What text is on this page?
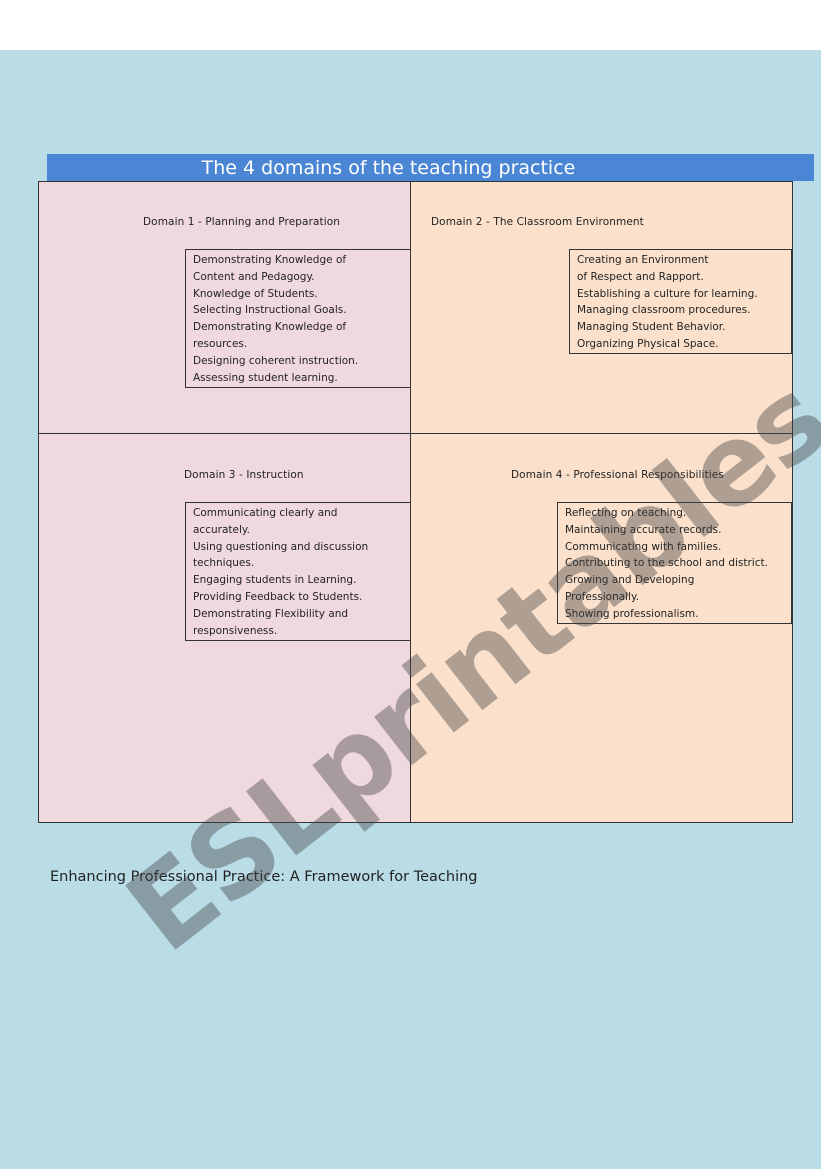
The 4 domains of the teaching practice
Domain 1 - Planning and Preparation
Demonstrating Knowledge of
Content and Pedagogy.
Knowledge of Students.
Selecting Instructional Goals.
Demonstrating Knowledge of
resources.
Designing coherent instruction.
Assessing student learning.
Domain 2 - The Classroom Environment
Creating an Environment
of Respect and Rapport.
Establishing a culture for learning.
Managing classroom procedures.
Managing Student Behavior.
Organizing Physical Space.
Domain 3 - Instruction
Communicating clearly and
accurately.
Using questioning and discussion
techniques.
Engaging students in Learning.
Providing Feedback to Students.
Demonstrating Flexibility and
responsiveness.
Domain 4 - Professional Responsibilities
Reflecting on teaching.
Maintaining accurate records.
Communicating with families.
Contributing to the school and district.
Growing and Developing
Professionally.
Showing professionalism.
Enhancing Professional Practice: A Framework for Teaching
